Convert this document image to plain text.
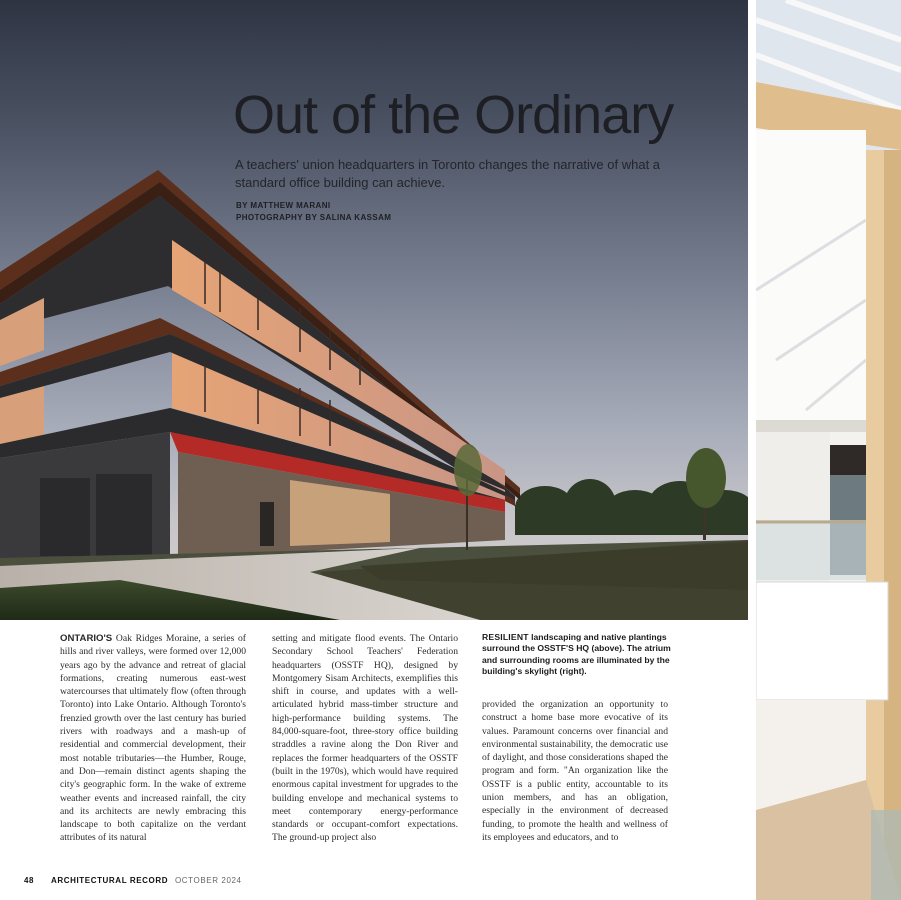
Out of the Ordinary
A teachers' union headquarters in Toronto changes the narrative of what a standard office building can achieve.
BY MATTHEW MARANI
PHOTOGRAPHY BY SALINA KASSAM
ONTARIO'S Oak Ridges Moraine, a series of hills and river valleys, were formed over 12,000 years ago by the advance and retreat of glacial formations, creating numerous east-west watercourses that ultimately flow (often through Toronto) into Lake Ontario. Although Toronto's frenzied growth over the last century has buried rivers with roadways and a mash-up of residential and commercial development, their most notable tributaries—the Humber, Rouge, and Don—remain distinct agents shaping the city's geographic form. In the wake of extreme weather events and increased rainfall, the city and its architects are newly embracing this landscape to both capitalize on the verdant attributes of its natural
setting and mitigate flood events. The Ontario Secondary School Teachers' Federation headquarters (OSSTF HQ), designed by Montgomery Sisam Architects, exemplifies this shift in course, and updates with a well-articulated hybrid mass-timber structure and high-performance building systems. The 84,000-square-foot, three-story office building straddles a ravine along the Don River and replaces the former headquarters of the OSSTF (built in the 1970s), which would have required enormous capital investment for upgrades to the building envelope and mechanical systems to meet contemporary energy-performance standards or occupant-comfort expectations. The ground-up project also
RESILIENT landscaping and native plantings surround the OSSTF'S HQ (above). The atrium and surrounding rooms are illuminated by the building's skylight (right).
provided the organization an opportunity to construct a home base more evocative of its values. Paramount concerns over financial and environmental sustainability, the democratic use of daylight, and those considerations shaped the program and form. "An organization like the OSSTF is a public entity, accountable to its union members, and has an obligation, especially in the environment of decreased funding, to promote the health and wellness of its employees and educators, and to
48 ARCHITECTURAL RECORD OCTOBER 2024
